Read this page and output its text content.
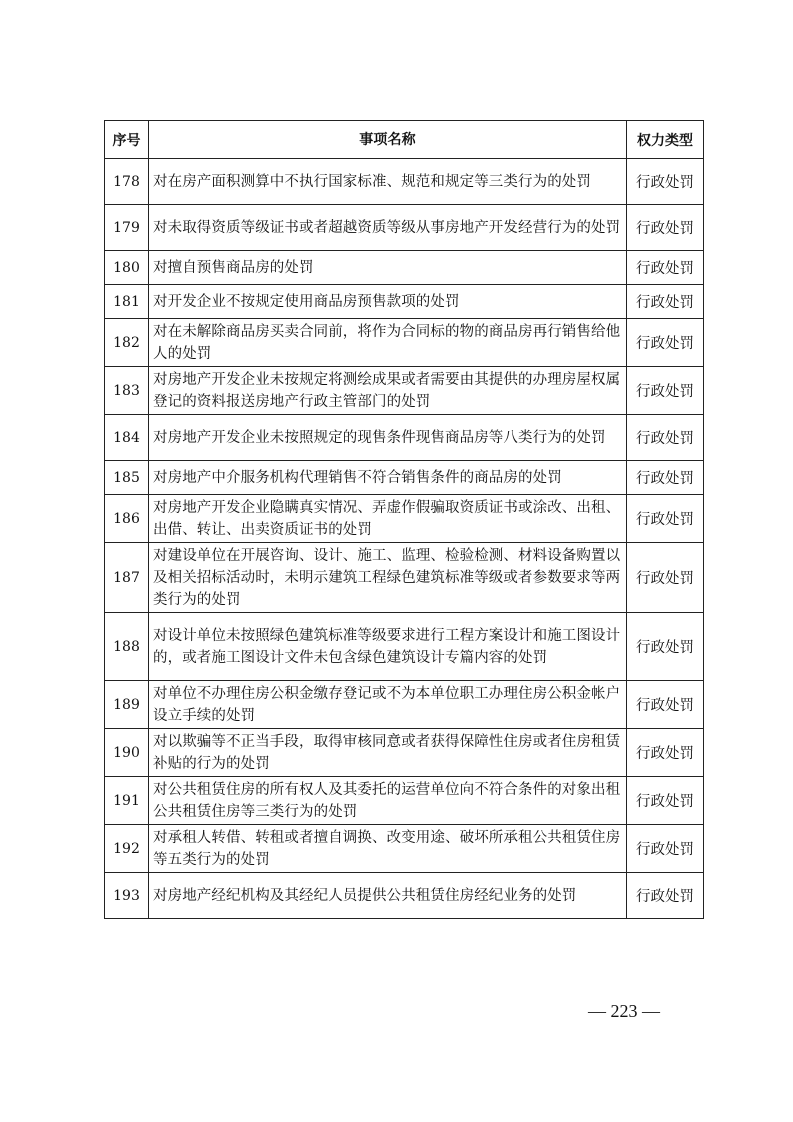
序号	事项名称	权力类型
178	对在房产面积测算中不执行国家标准、规范和规定等三类行为的处罚	行政处罚
179	对未取得资质等级证书或者超越资质等级从事房地产开发经营行为的处罚	行政处罚
180	对擅自预售商品房的处罚	行政处罚
181	对开发企业不按规定使用商品房预售款项的处罚	行政处罚
182	对在未解除商品房买卖合同前，将作为合同标的物的商品房再行销售给他人的处罚	行政处罚
183	对房地产开发企业未按规定将测绘成果或者需要由其提供的办理房屋权属登记的资料报送房地产行政主管部门的处罚	行政处罚
184	对房地产开发企业未按照规定的现售条件现售商品房等八类行为的处罚	行政处罚
185	对房地产中介服务机构代理销售不符合销售条件的商品房的处罚	行政处罚
186	对房地产开发企业隐瞒真实情况、弄虚作假骗取资质证书或涂改、出租、出借、转让、出卖资质证书的处罚	行政处罚
187	对建设单位在开展咨询、设计、施工、监理、检验检测、材料设备购置以及相关招标活动时，未明示建筑工程绿色建筑标准等级或者参数要求等两类行为的处罚	行政处罚
188	对设计单位未按照绿色建筑标准等级要求进行工程方案设计和施工图设计的，或者施工图设计文件未包含绿色建筑设计专篇内容的处罚	行政处罚
189	对单位不办理住房公积金缴存登记或不为本单位职工办理住房公积金帐户设立手续的处罚	行政处罚
190	对以欺骗等不正当手段，取得审核同意或者获得保障性住房或者住房租赁补贴的行为的处罚	行政处罚
191	对公共租赁住房的所有权人及其委托的运营单位向不符合条件的对象出租公共租赁住房等三类行为的处罚	行政处罚
192	对承租人转借、转租或者擅自调换、改变用途、破坏所承租公共租赁住房等五类行为的处罚	行政处罚
193	对房地产经纪机构及其经纪人员提供公共租赁住房经纪业务的处罚	行政处罚
— 223 —
